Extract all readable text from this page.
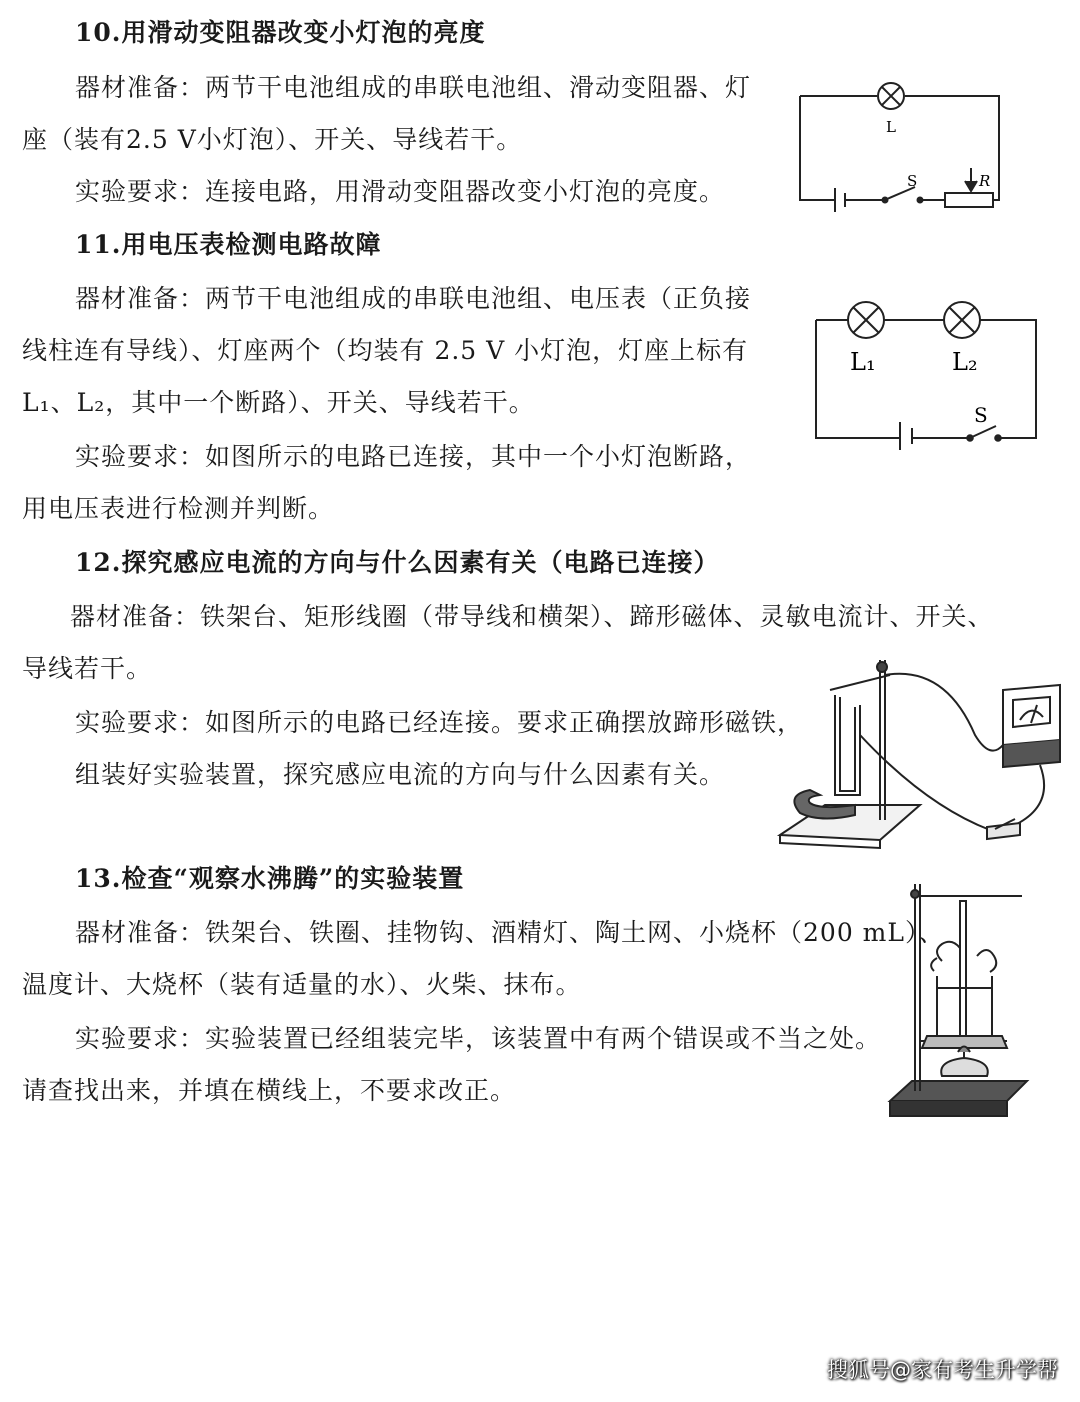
10.用滑动变阻器改变小灯泡的亮度
器材准备：两节干电池组成的串联电池组、滑动变阻器、灯
座（装有2.5 V小灯泡）、开关、导线若干。
实验要求：连接电路，用滑动变阻器改变小灯泡的亮度。
L
S	R
11.用电压表检测电路故障
器材准备：两节干电池组成的串联电池组、电压表（正负接
线柱连有导线）、灯座两个（均装有 2.5 V 小灯泡，灯座上标有
L₁、L₂，其中一个断路）、开关、导线若干。
实验要求：如图所示的电路已连接，其中一个小灯泡断路，
用电压表进行检测并判断。
L₁	L₂
S
12.探究感应电流的方向与什么因素有关（电路已连接）
器材准备：铁架台、矩形线圈（带导线和横架）、蹄形磁体、灵敏电流计、开关、
导线若干。
实验要求：如图所示的电路已经连接。要求正确摆放蹄形磁铁，
组装好实验装置，探究感应电流的方向与什么因素有关。
13.检查“观察水沸腾”的实验装置
器材准备：铁架台、铁圈、挂物钩、酒精灯、陶土网、小烧杯（200 mL）、
温度计、大烧杯（装有适量的水）、火柴、抹布。
实验要求：实验装置已经组装完毕，该装置中有两个错误或不当之处。
请查找出来，并填在横线上，不要求改正。
搜狐号@家有考生升学帮
